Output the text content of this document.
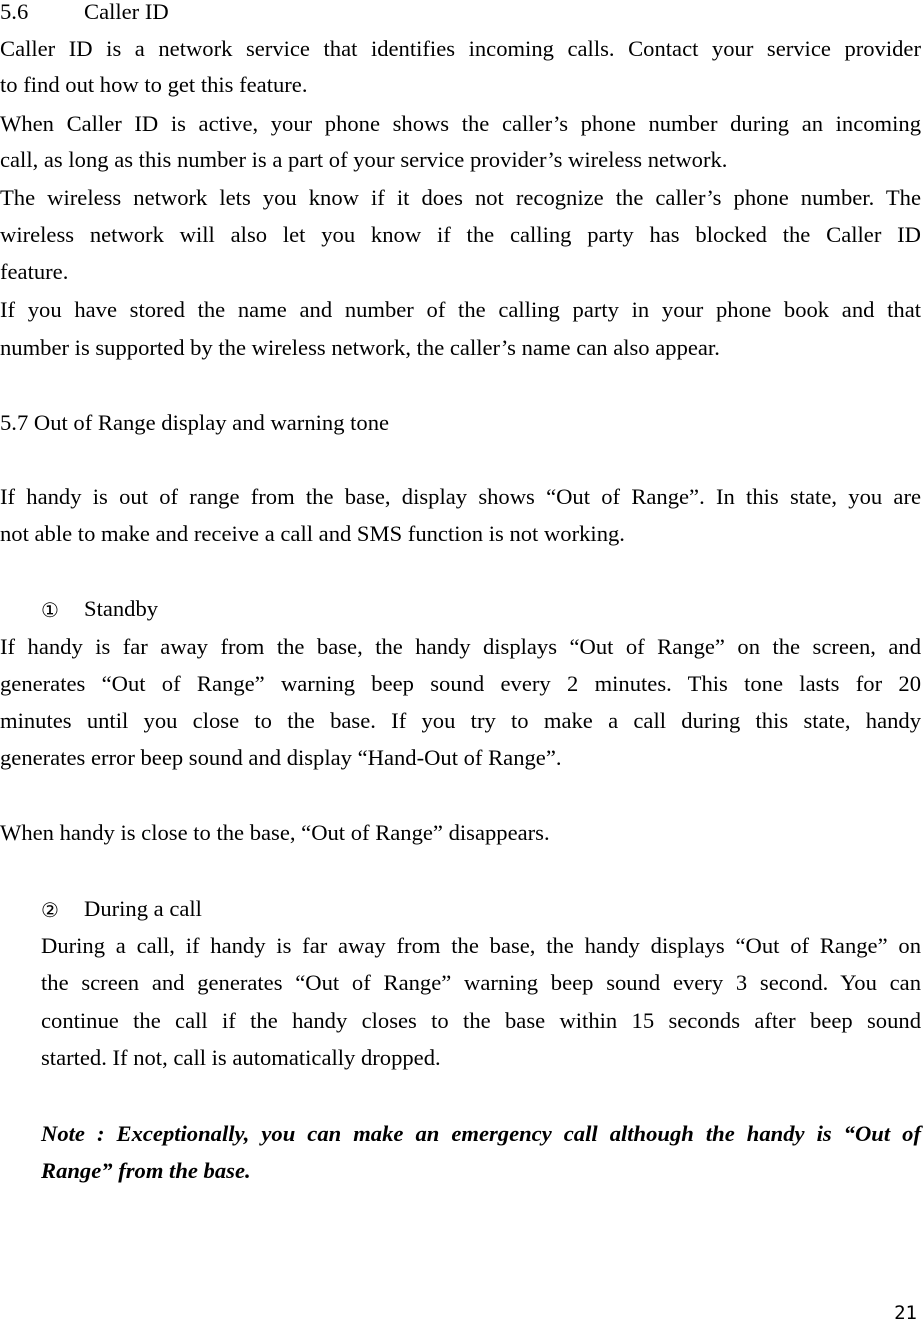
5.6 Caller ID
Caller ID is a network service that identifies incoming calls. Contact your service provider
to find out how to get this feature.
When Caller ID is active, your phone shows the caller’s phone number during an incoming
call, as long as this number is a part of your service provider’s wireless network.
The wireless network lets you know if it does not recognize the caller’s phone number. The
wireless network will also let you know if the calling party has blocked the Caller ID
feature.
If you have stored the name and number of the calling party in your phone book and that
number is supported by the wireless network, the caller’s name can also appear.
5.7 Out of Range display and warning tone
If handy is out of range from the base, display shows “Out of Range”. In this state, you are
not able to make and receive a call and SMS function is not working.
① Standby
If handy is far away from the base, the handy displays “Out of Range” on the screen, and
generates “Out of Range” warning beep sound every 2 minutes. This tone lasts for 20
minutes until you close to the base. If you try to make a call during this state, handy
generates error beep sound and display “Hand-Out of Range”.
When handy is close to the base, “Out of Range” disappears.
② During a call
During a call, if handy is far away from the base, the handy displays “Out of Range” on
the screen and generates “Out of Range” warning beep sound every 3 second. You can
continue the call if the handy closes to the base within 15 seconds after beep sound
started. If not, call is automatically dropped.
Note : Exceptionally, you can make an emergency call although the handy is “Out of
Range” from the base.
21
